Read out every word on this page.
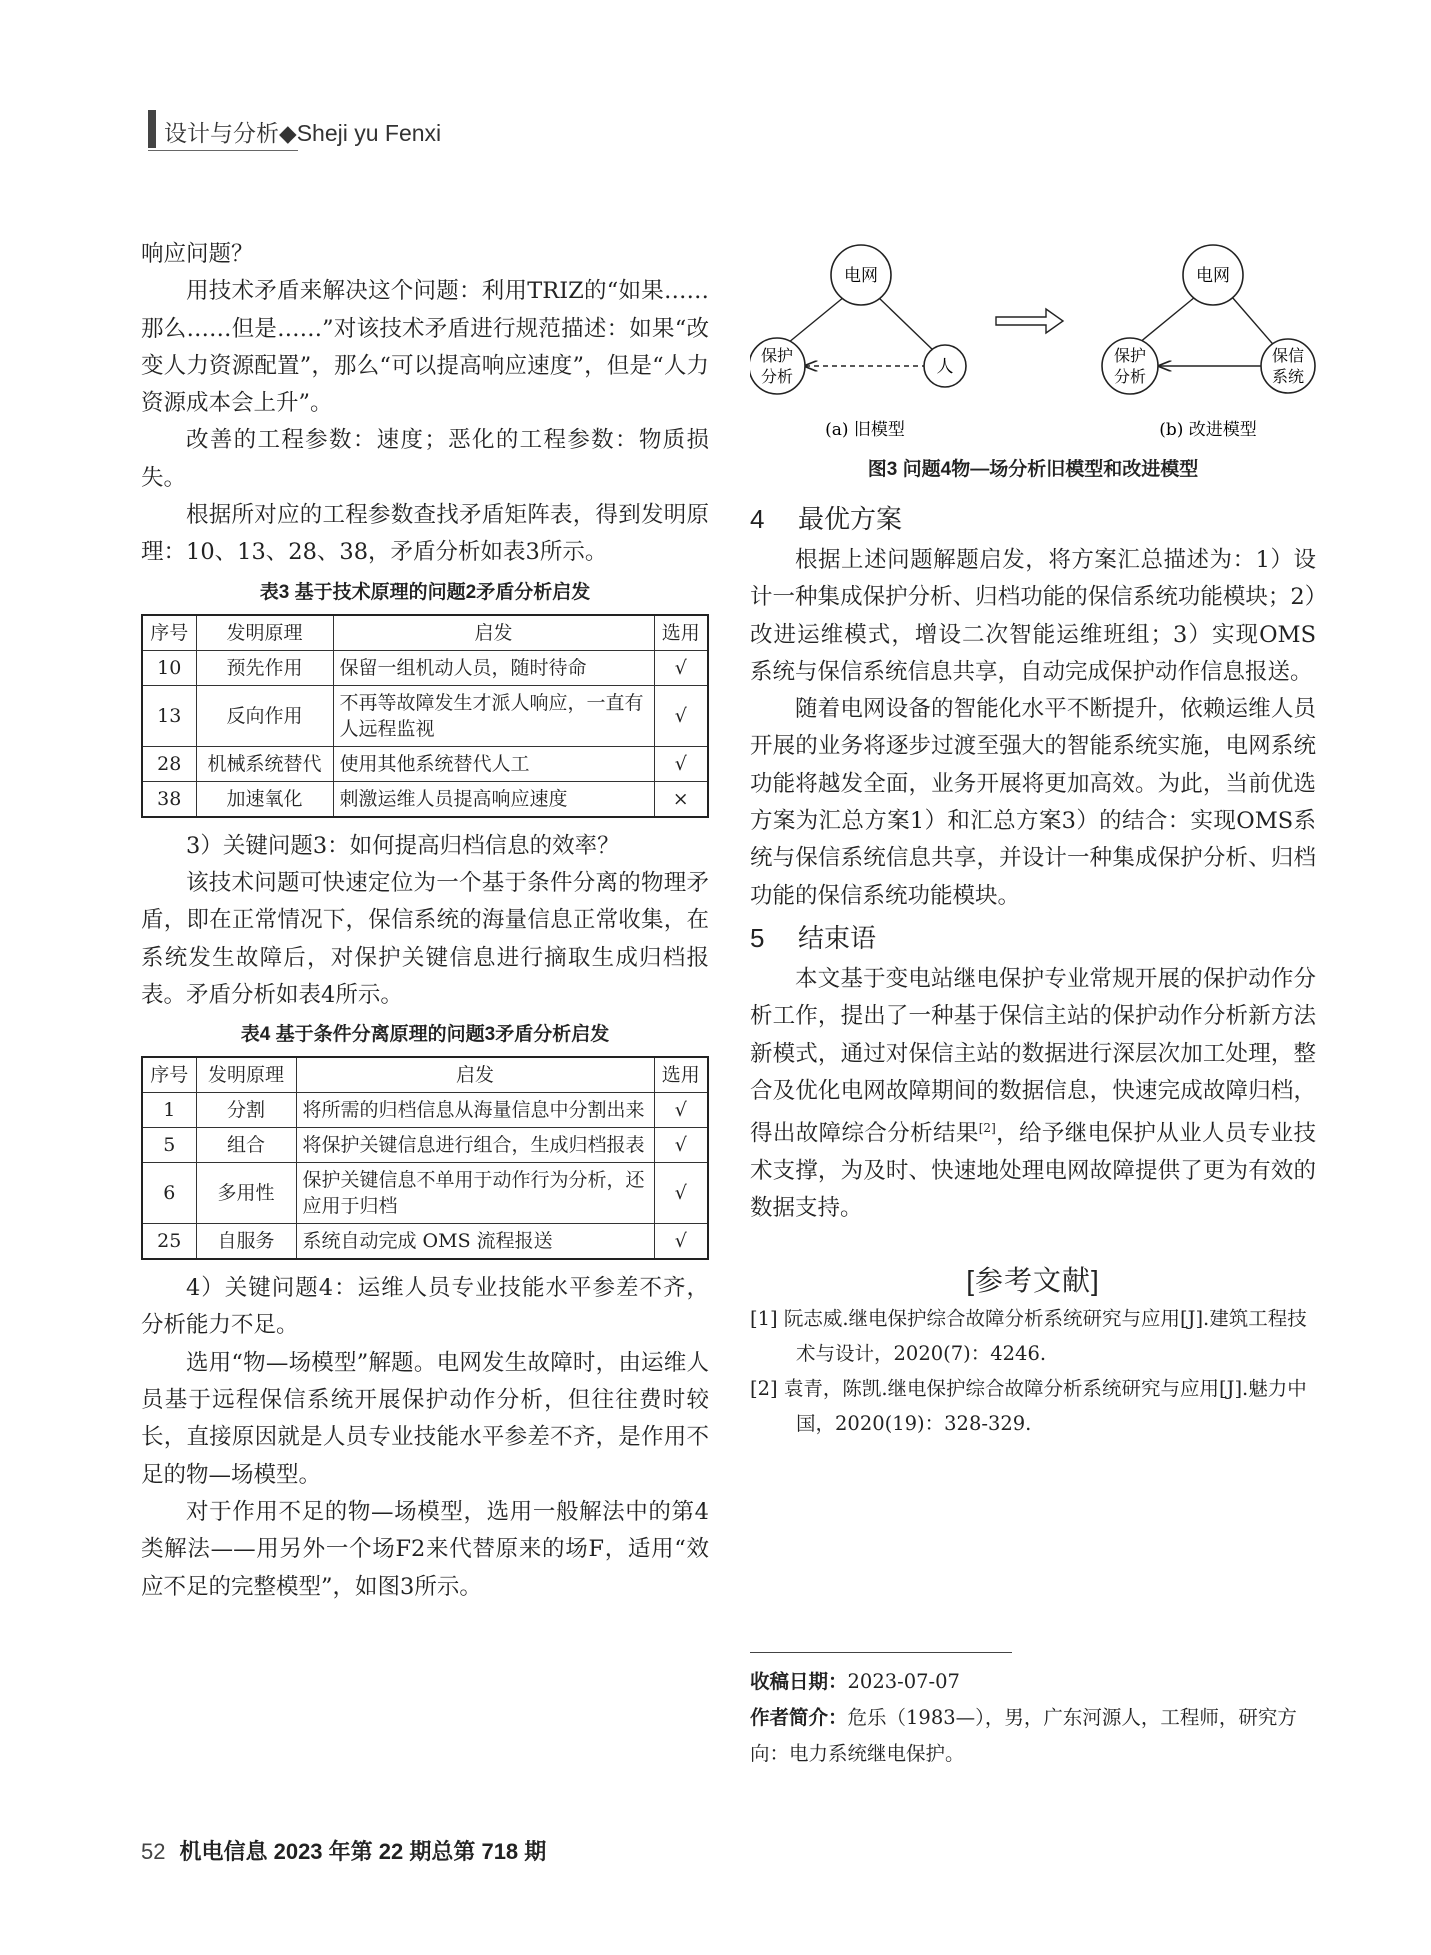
设计与分析◆Sheji yu Fenxi

响应问题？

用技术矛盾来解决这个问题：利用TRIZ的“如果……那么……但是……”对该技术矛盾进行规范描述：如果“改变人力资源配置”，那么“可以提高响应速度”，但是“人力资源成本会上升”。

改善的工程参数：速度；恶化的工程参数：物质损失。

根据所对应的工程参数查找矛盾矩阵表，得到发明原理：10、13、28、38，矛盾分析如表3所示。

表3 基于技术原理的问题2矛盾分析启发
序号	发明原理	启发	选用
10	预先作用	保留一组机动人员，随时待命	√
13	反向作用	不再等故障发生才派人响应，一直有人远程监视	√
28	机械系统替代	使用其他系统替代人工	√
38	加速氧化	刺激运维人员提高响应速度	×

3）关键问题3：如何提高归档信息的效率？

该技术问题可快速定位为一个基于条件分离的物理矛盾，即在正常情况下，保信系统的海量信息正常收集，在系统发生故障后，对保护关键信息进行摘取生成归档报表。矛盾分析如表4所示。

表4 基于条件分离原理的问题3矛盾分析启发
序号	发明原理	启发	选用
1	分割	将所需的归档信息从海量信息中分割出来	√
5	组合	将保护关键信息进行组合，生成归档报表	√
6	多用性	保护关键信息不单用于动作行为分析，还应用于归档	√
25	自服务	系统自动完成 OMS 流程报送	√

4）关键问题4：运维人员专业技能水平参差不齐，分析能力不足。

选用“物—场模型”解题。电网发生故障时，由运维人员基于远程保信系统开展保护动作分析，但往往费时较长，直接原因就是人员专业技能水平参差不齐，是作用不足的物—场模型。

对于作用不足的物—场模型，选用一般解法中的第4类解法——用另外一个场F2来代替原来的场F，适用“效应不足的完整模型”，如图3所示。

电网
保护
分析	人
电网
保护
分析
保信
系统
(a) 旧模型	(b) 改进模型
图3 问题4物—场分析旧模型和改进模型
4 最优方案

根据上述问题解题启发，将方案汇总描述为：1）设计一种集成保护分析、归档功能的保信系统功能模块；2）改进运维模式，增设二次智能运维班组；3）实现OMS系统与保信系统信息共享，自动完成保护动作信息报送。

随着电网设备的智能化水平不断提升，依赖运维人员开展的业务将逐步过渡至强大的智能系统实施，电网系统功能将越发全面，业务开展将更加高效。为此，当前优选方案为汇总方案1）和汇总方案3）的结合：实现OMS系统与保信系统信息共享，并设计一种集成保护分析、归档功能的保信系统功能模块。

5 结束语

本文基于变电站继电保护专业常规开展的保护动作分析工作，提出了一种基于保信主站的保护动作分析新方法新模式，通过对保信主站的数据进行深层次加工处理，整合及优化电网故障期间的数据信息，快速完成故障归档，得出故障综合分析结果[2]，给予继电保护从业人员专业技术支撑，为及时、快速地处理电网故障提供了更为有效的数据支持。

[参考文献]
[1] 阮志威.继电保护综合故障分析系统研究与应用[J].建筑工程技术与设计，2020(7)：4246.
[2] 袁青，陈凯.继电保护综合故障分析系统研究与应用[J].魅力中国，2020(19)：328-329.
收稿日期：2023-07-07
作者简介：危乐（1983—），男，广东河源人，工程师，研究方向：电力系统继电保护。
52 机电信息 2023 年第 22 期总第 718 期
